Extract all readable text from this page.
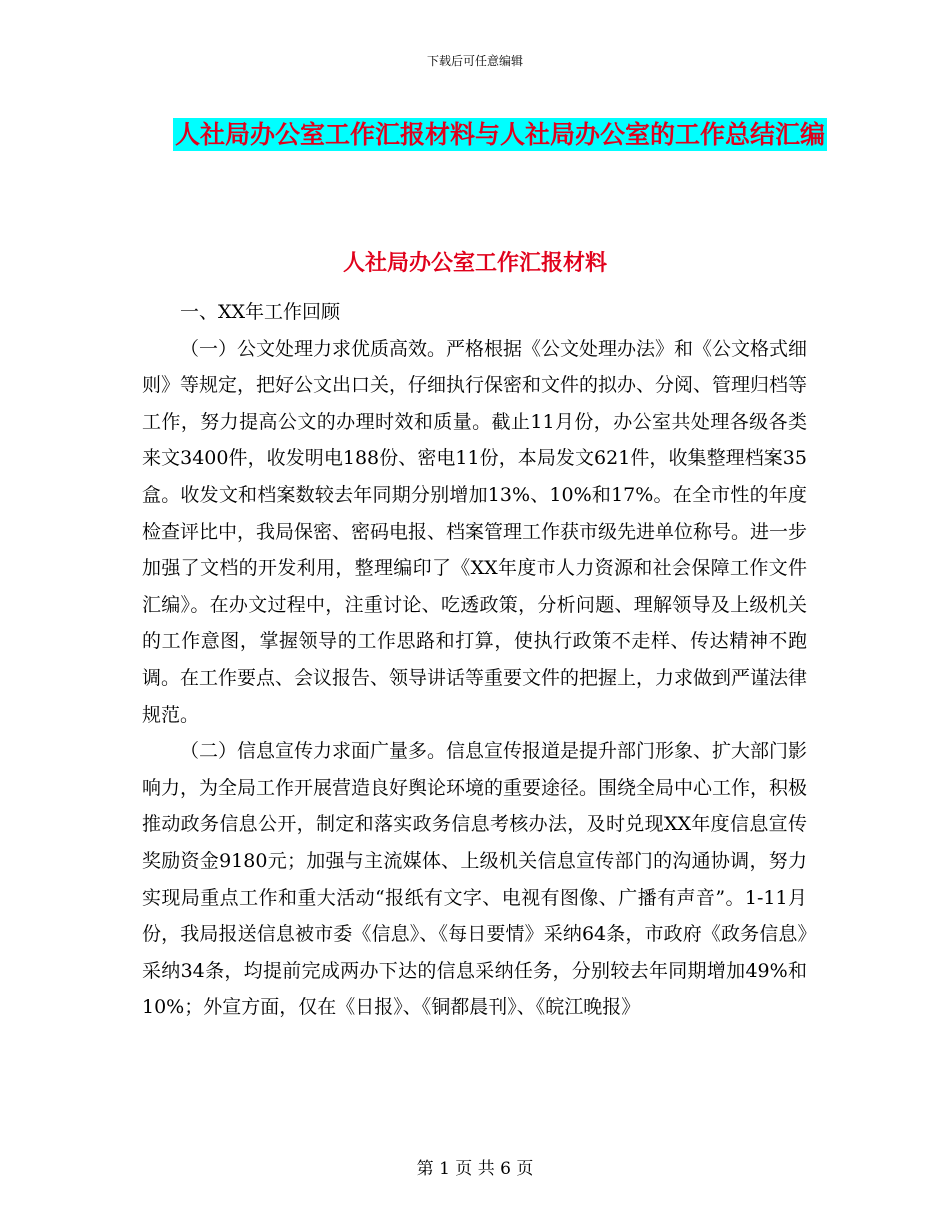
下载后可任意编辑
人社局办公室工作汇报材料与人社局办公室的工作总结汇编
人社局办公室工作汇报材料

一、XX年工作回顾

（一）公文处理力求优质高效。严格根据《公文处理办法》和《公文格式细则》等规定，把好公文出口关，仔细执行保密和文件的拟办、分阅、管理归档等工作，努力提高公文的办理时效和质量。截止11月份，办公室共处理各级各类来文3400件，收发明电188份、密电11份，本局发文621件，收集整理档案35盒。收发文和档案数较去年同期分别增加13%、10%和17%。在全市性的年度检查评比中，我局保密、密码电报、档案管理工作获市级先进单位称号。进一步加强了文档的开发利用，整理编印了《XX年度市人力资源和社会保障工作文件汇编》。在办文过程中，注重讨论、吃透政策，分析问题、理解领导及上级机关的工作意图，掌握领导的工作思路和打算，使执行政策不走样、传达精神不跑调。在工作要点、会议报告、领导讲话等重要文件的把握上，力求做到严谨法律规范。

（二）信息宣传力求面广量多。信息宣传报道是提升部门形象、扩大部门影响力，为全局工作开展营造良好舆论环境的重要途径。围绕全局中心工作，积极推动政务信息公开，制定和落实政务信息考核办法，及时兑现XX年度信息宣传奖励资金9180元；加强与主流媒体、上级机关信息宣传部门的沟通协调，努力实现局重点工作和重大活动“报纸有文字、电视有图像、广播有声音”。1-11月份，我局报送信息被市委《信息》、《每日要情》采纳64条，市政府《政务信息》采纳34条，均提前完成两办下达的信息采纳任务，分别较去年同期增加49%和10%；外宣方面，仅在《日报》、《铜都晨刊》、《皖江晚报》

第 1 页 共 6 页
